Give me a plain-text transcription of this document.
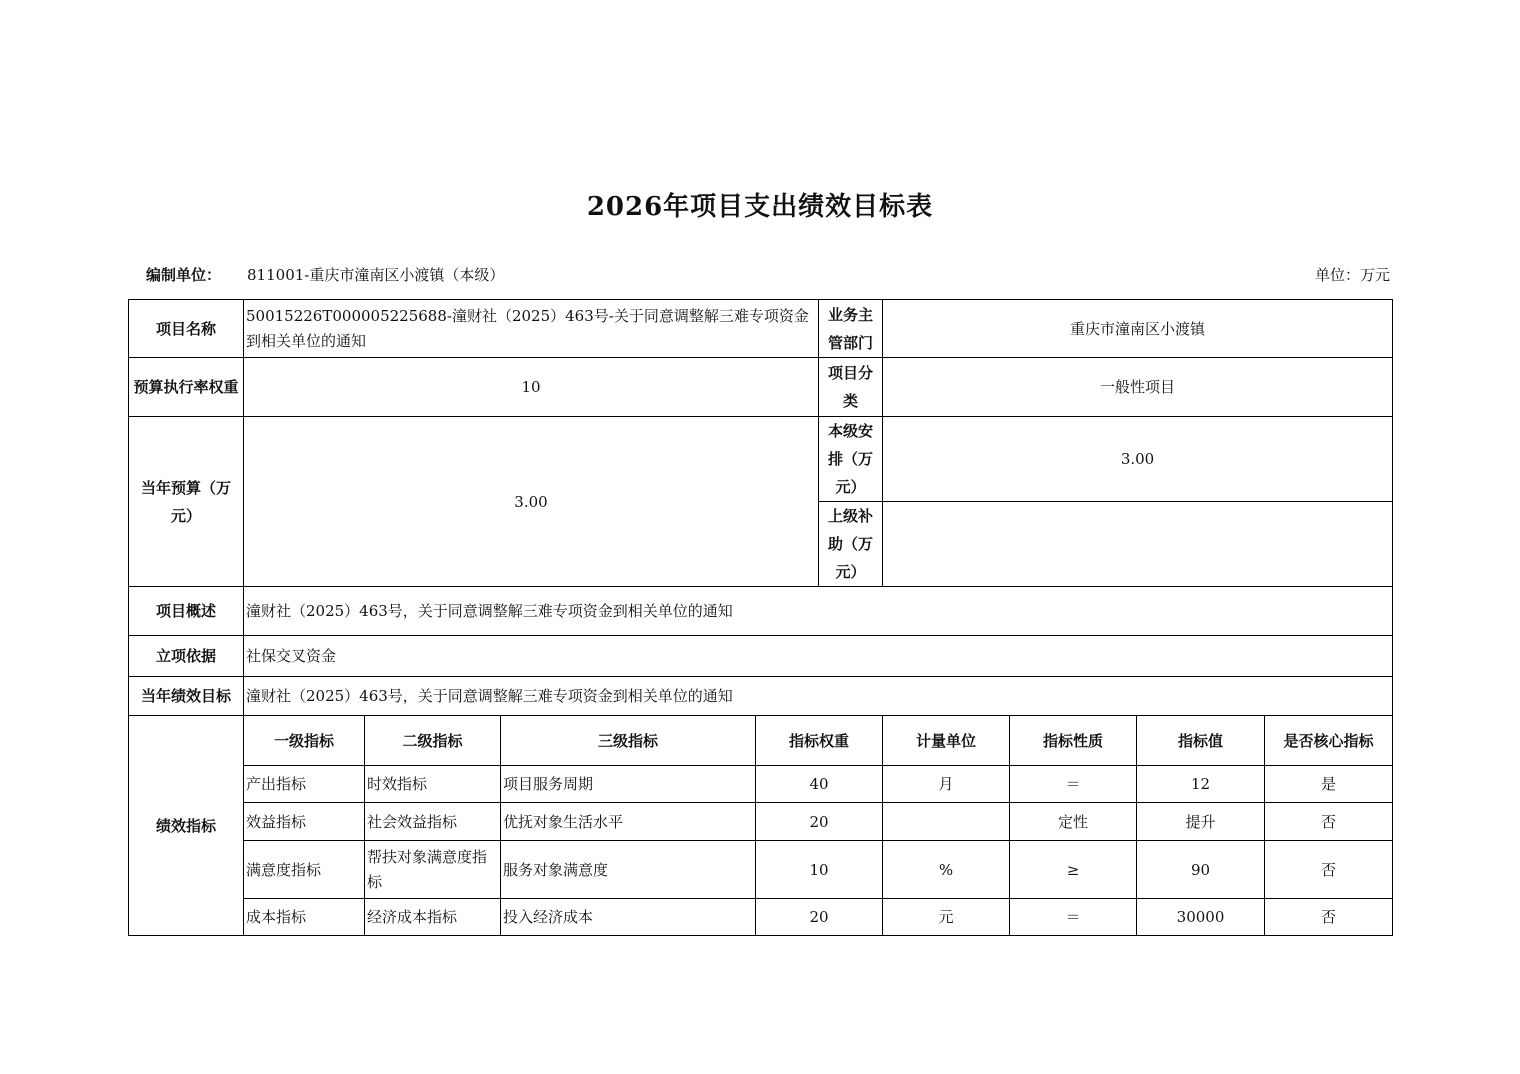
2026年项目支出绩效目标表
编制单位： 811001-重庆市潼南区小渡镇（本级）	单位：万元
项目名称	50015226T000005225688-潼财社（2025）463号-关于同意调整解三难专项资金到相关单位的通知				业务主管部门	重庆市潼南区小渡镇			
预算执行率权重	10				项目分类	一般性项目			
当年预算（万元）	3.00				本级安排（万元）	3.00			
					上级补助（万元）				
项目概述	潼财社（2025）463号，关于同意调整解三难专项资金到相关单位的通知								
立项依据	社保交叉资金								
当年绩效目标	潼财社（2025）463号，关于同意调整解三难专项资金到相关单位的通知								
绩效指标	一级指标	二级指标	三级指标	指标权重		计量单位	指标性质	指标值	是否核心指标
	产出指标	时效指标	项目服务周期	40		月	＝	12	是
	效益指标	社会效益指标	优抚对象生活水平	20			定性	提升	否
	满意度指标	帮扶对象满意度指标	服务对象满意度	10		%	≥	90	否
	成本指标	经济成本指标	投入经济成本	20		元	＝	30000	否
